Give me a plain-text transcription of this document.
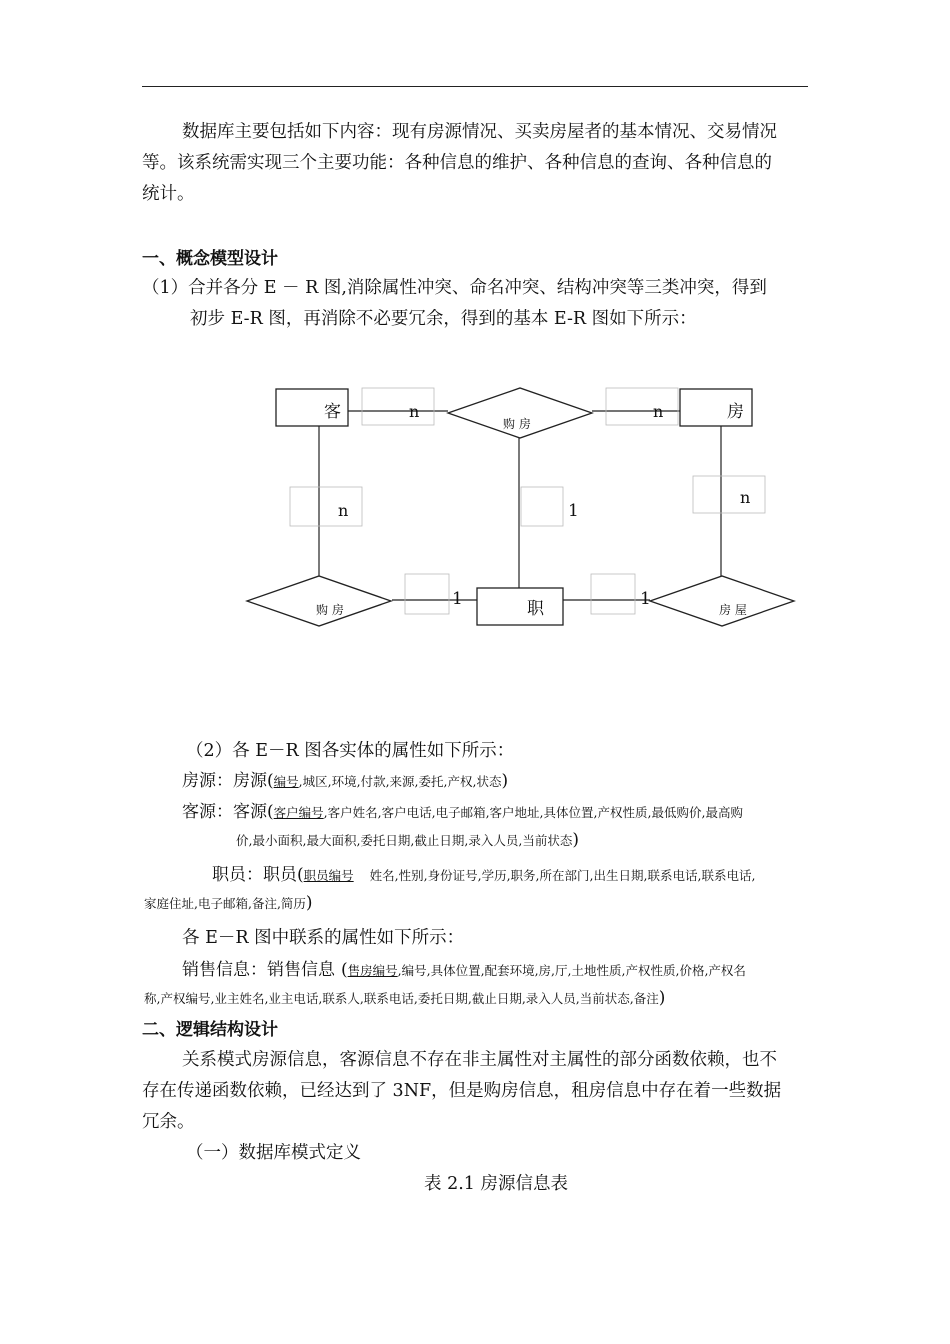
数据库主要包括如下内容：现有房源情况、买卖房屋者的基本情况、交易情况
等。该系统需实现三个主要功能：各种信息的维护、各种信息的查询、各种信息的
统计。
一、概念模型设计
（1）合并各分 E － R 图,消除属性冲突、命名冲突、结构冲突等三类冲突，得到
初步 E-R 图，再消除不必要冗余，得到的基本 E-R 图如下所示：
客	房
职
购 房
购 房	房 屋
n	n
n	1
n
1	1
（2）各 E－R 图各实体的属性如下所示：
房源：房源(编号,城区,环境,付款,来源,委托,产权,状态)
客源：客源(客户编号,客户姓名,客户电话,电子邮箱,客户地址,具体位置,产权性质,最低购价,最高购
价,最小面积,最大面积,委托日期,截止日期,录入人员,当前状态)
职员：职员(职员编号 姓名,性别,身份证号,学历,职务,所在部门,出生日期,联系电话,联系电话,
家庭住址,电子邮箱,备注,简历)
各 E－R 图中联系的属性如下所示：
销售信息：销售信息 (售房编号,编号,具体位置,配套环境,房,厅,土地性质,产权性质,价格,产权名
称,产权编号,业主姓名,业主电话,联系人,联系电话,委托日期,截止日期,录入人员,当前状态,备注)
二、逻辑结构设计
关系模式房源信息，客源信息不存在非主属性对主属性的部分函数依赖，也不
存在传递函数依赖，已经达到了 3NF，但是购房信息，租房信息中存在着一些数据
冗余。
（一）数据库模式定义
表 2.1 房源信息表
